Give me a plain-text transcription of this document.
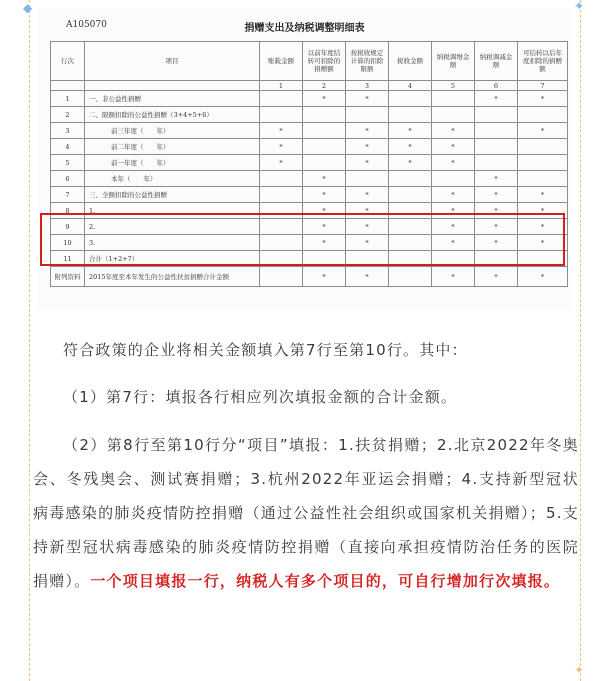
◆	✦
✦
A105070	捐赠支出及纳税调整明细表
行次	项目	账载金额	以前年度结转可扣除的捐赠额	按税收规定计算的扣除限额	税收金额	纳税调增金额	纳税调减金额	可结转以后年度扣除的捐赠额
		1	2	3	4	5	6	7
1	一、非公益性捐赠		*	*			*	*
2	二、限额扣除的公益性捐赠（3+4+5+6）							
3	前三年度（　　年）	*		*	*	*		*
4	前二年度（　　年）	*		*	*	*		
5	前一年度（　　年）	*		*	*	*		
6	本年（　　年）		*				*	
7	三、全额扣除的公益性捐赠		*	*		*	*	*
8	1.		*	*		*	*	*
9	2.		*	*		*	*	*
10	3.		*	*		*	*	*
11	合计（1+2+7）							
附列资料	2015年度至本年发生的公益性扶贫捐赠合计金额		*	*		*	*	*
符合政策的企业将相关金额填入第7行至第10行。其中：
（1）第7行：填报各行相应列次填报金额的合计金额。
（2）第8行至第10行分“项目”填报：1.扶贫捐赠；2.北京2022年冬奥会、冬残奥会、测试赛捐赠；3.杭州2022年亚运会捐赠；4.支持新型冠状病毒感染的肺炎疫情防控捐赠（通过公益性社会组织或国家机关捐赠）；5.支持新型冠状病毒感染的肺炎疫情防控捐赠（直接向承担疫情防治任务的医院捐赠）。一个项目填报一行，纳税人有多个项目的，可自行增加行次填报。
